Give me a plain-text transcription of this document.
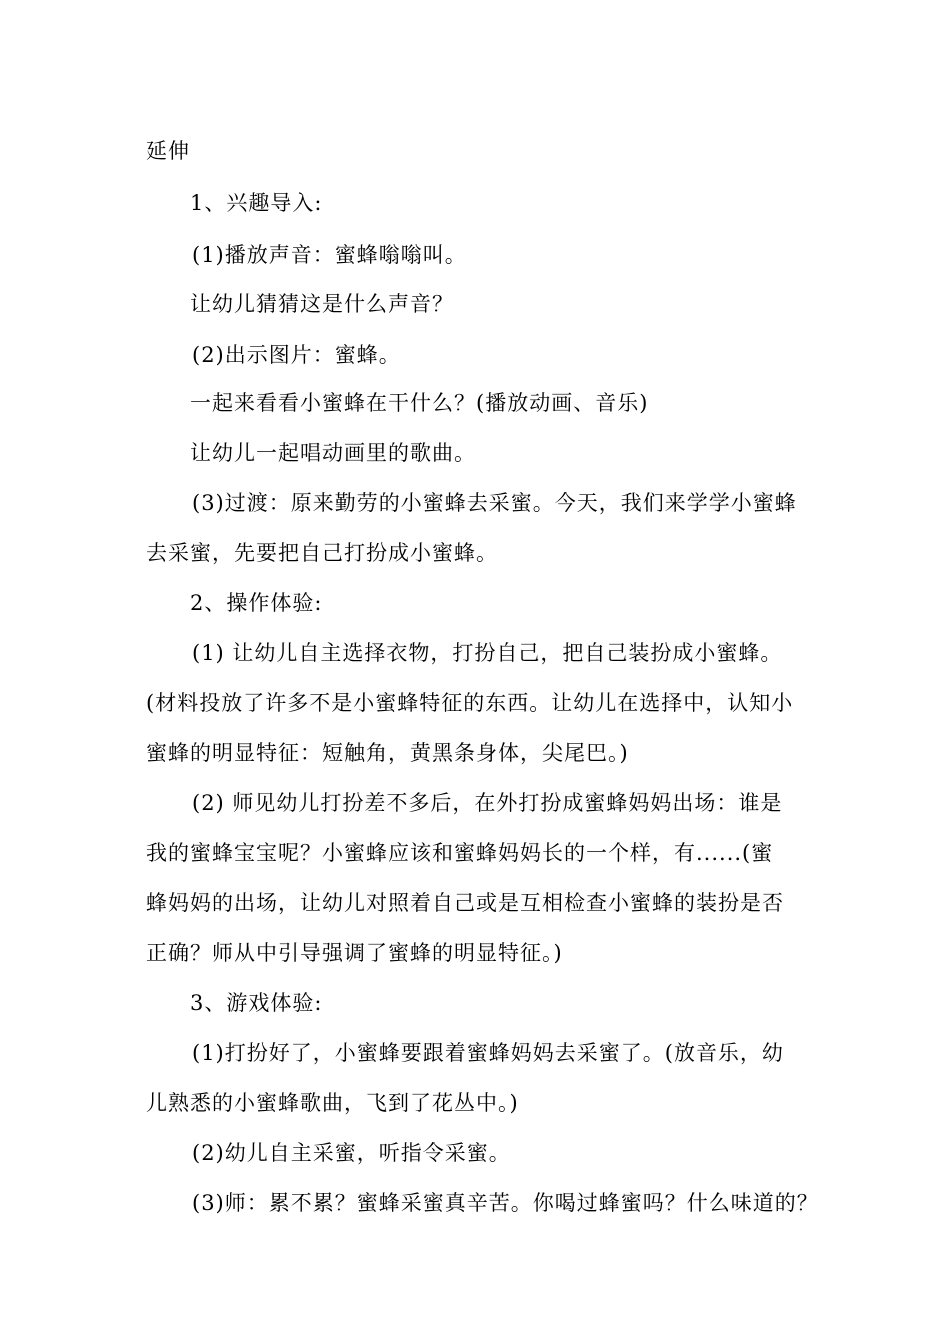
延伸
1、兴趣导入:
(1)播放声音：蜜蜂嗡嗡叫。
让幼儿猜猜这是什么声音？
(2)出示图片：蜜蜂。
一起来看看小蜜蜂在干什么？(播放动画、音乐)
让幼儿一起唱动画里的歌曲。
(3)过渡：原来勤劳的小蜜蜂去采蜜。今天，我们来学学小蜜蜂
去采蜜，先要把自己打扮成小蜜蜂。
2、操作体验:
(1) 让幼儿自主选择衣物，打扮自己，把自己装扮成小蜜蜂。
(材料投放了许多不是小蜜蜂特征的东西。让幼儿在选择中，认知小
蜜蜂的明显特征：短触角，黄黑条身体，尖尾巴。)
(2) 师见幼儿打扮差不多后，在外打扮成蜜蜂妈妈出场：谁是
我的蜜蜂宝宝呢？小蜜蜂应该和蜜蜂妈妈长的一个样，有......(蜜
蜂妈妈的出场，让幼儿对照着自己或是互相检查小蜜蜂的装扮是否
正确？师从中引导强调了蜜蜂的明显特征。)
3、游戏体验:
(1)打扮好了，小蜜蜂要跟着蜜蜂妈妈去采蜜了。(放音乐，幼
儿熟悉的小蜜蜂歌曲，飞到了花丛中。)
(2)幼儿自主采蜜，听指令采蜜。
(3)师：累不累？蜜蜂采蜜真辛苦。你喝过蜂蜜吗？什么味道的？
